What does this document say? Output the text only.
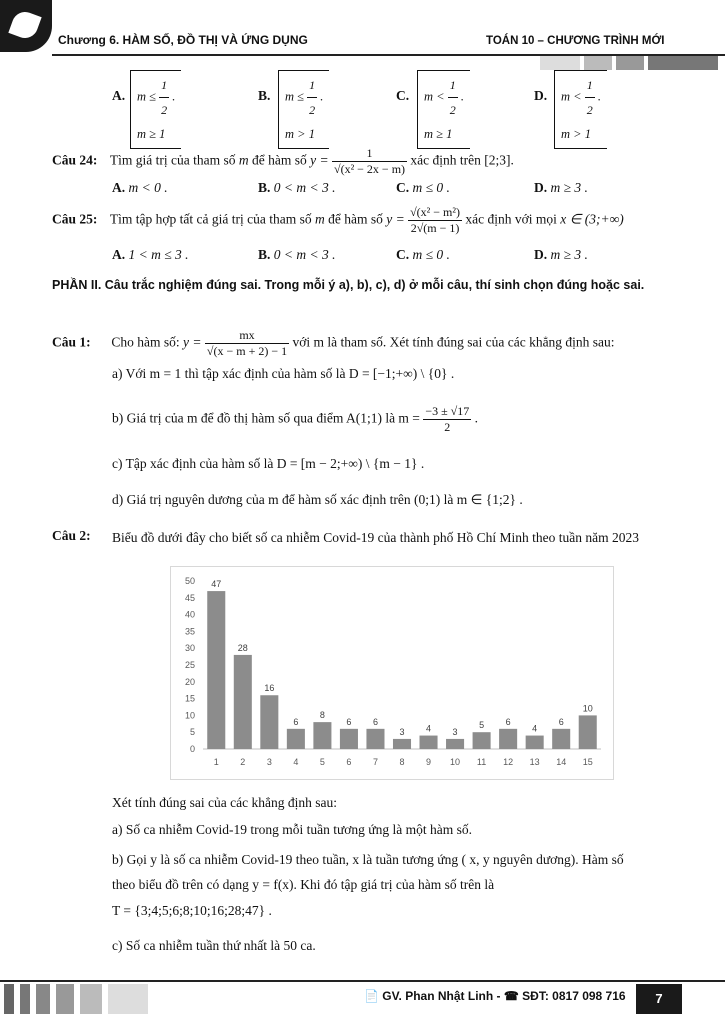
Chương 6. HÀM SỐ, ĐỒ THỊ VÀ ỨNG DỤNG	TOÁN 10 – CHƯƠNG TRÌNH MỚI
A. $m \le \frac{1}{2}$ .
m ≥ 1
B. $m \le \frac{1}{2}$ .
m > 1
C. $m < \frac{1}{2}$ .
m ≥ 1
D. $m < \frac{1}{2}$ .
m > 1
Câu 24: Tìm giá trị của tham số m để hàm số $y = \frac{1}{\text{√(x² − 2x − m)}}$ xác định trên [2;3].
A. m < 0 .	B. 0 < m < 3 .	C. m ≤ 0 .	D. m ≥ 3 .
Câu 25: Tìm tập hợp tất cả giá trị của tham số m để hàm số $y = \frac{\text{√(x² − m²)}}{2√(m - 1)}$ xác định với mọi x ∈ (3;+∞)
A. 1 < m ≤ 3 .	B. 0 < m < 3 .	C. m ≤ 0 .	D. m ≥ 3 .
PHẦN II. Câu trắc nghiệm đúng sai. Trong mỗi ý a), b), c), d) ở mỗi câu, thí sinh chọn đúng hoặc sai.
Câu 1: Cho hàm số: $y = \frac{mx}{√(x - m + 2) - 1}$ với m là tham số. Xét tính đúng sai của các khẳng định sau:
a) Với m = 1 thì tập xác định của hàm số là D = [−1;+∞) \ {0} .
b) Giá trị của m để đồ thị hàm số qua điểm A(1;1) là $m = \frac{-3 \pm √17}{2}$ .
c) Tập xác định của hàm số là D = [m − 2;+∞) \ {m − 1} .
d) Giá trị nguyên dương của m để hàm số xác định trên (0;1) là m ∈ {1;2} .
Câu 2:	Biểu đồ dưới đây cho biết số ca nhiễm Covid-19 của thành phố Hồ Chí Minh theo tuần năm 2023
0
5
10
15
20
25
30
35
40
45
50 47
1
28
2
16
3
6
4
8
5
6
6
6
7
3
8
4
9
3
10
5
11
6
12
4
13
6
14
10
15
Xét tính đúng sai của các khẳng định sau:
a) Số ca nhiễm Covid-19 trong mỗi tuần tương ứng là một hàm số.
b) Gọi y là số ca nhiễm Covid-19 theo tuần, x là tuần tương ứng ( x, y nguyên dương). Hàm số
theo biểu đồ trên có dạng y = f(x). Khi đó tập giá trị của hàm số trên là
T = {3;4;5;6;8;10;16;28;47} .
c) Số ca nhiễm tuần thứ nhất là 50 ca.
📄 GV. Phan Nhật Linh - ☎ SĐT: 0817 098 716	7
